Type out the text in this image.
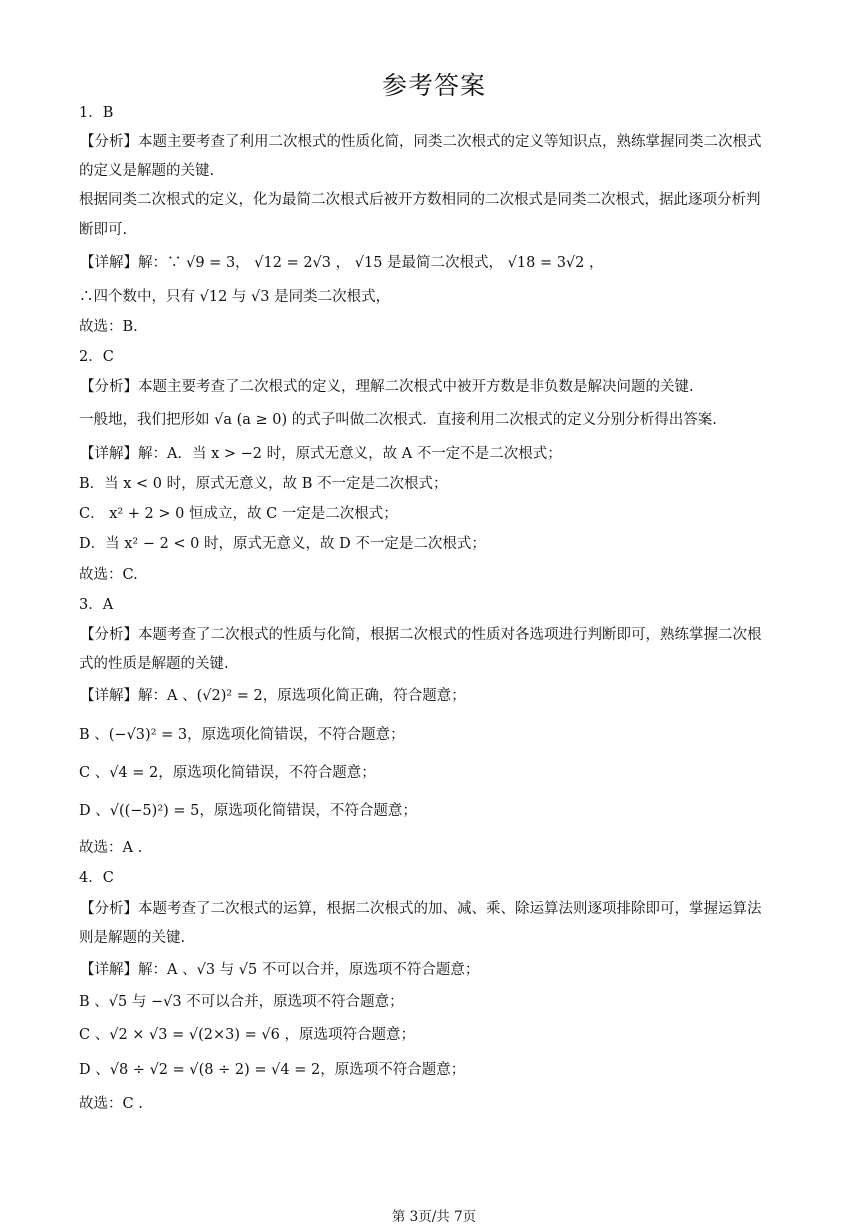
参考答案
1．B
【分析】本题主要考查了利用二次根式的性质化简，同类二次根式的定义等知识点，熟练掌握同类二次根式
的定义是解题的关键.
根据同类二次根式的定义，化为最简二次根式后被开方数相同的二次根式是同类二次根式，据此逐项分析判
断即可.
【详解】解：∵ √9 = 3， √12 = 2√3 ， √15 是最简二次根式， √18 = 3√2 ，
∴四个数中，只有 √12 与 √3 是同类二次根式，
故选：B.
2．C
【分析】本题主要考查了二次根式的定义，理解二次根式中被开方数是非负数是解决问题的关键.
一般地，我们把形如 √a (a ≥ 0) 的式子叫做二次根式．直接利用二次根式的定义分别分析得出答案.
【详解】解：A．当 x > −2 时，原式无意义，故 A 不一定不是二次根式；
B．当 x < 0 时，原式无意义，故 B 不一定是二次根式；
C． x² + 2 > 0 恒成立，故 C 一定是二次根式；
D．当 x² − 2 < 0 时，原式无意义，故 D 不一定是二次根式；
故选：C.
3．A
【分析】本题考查了二次根式的性质与化简，根据二次根式的性质对各选项进行判断即可，熟练掌握二次根
式的性质是解题的关键.
【详解】解：A 、(√2)² = 2，原选项化简正确，符合题意；
B 、(−√3)² = 3，原选项化简错误，不符合题意；
C 、√4 = 2，原选项化简错误，不符合题意；
D 、√((−5)²) = 5，原选项化简错误，不符合题意；
故选：A .
4．C
【分析】本题考查了二次根式的运算，根据二次根式的加、减、乘、除运算法则逐项排除即可，掌握运算法
则是解题的关键.
【详解】解：A 、√3 与 √5 不可以合并，原选项不符合题意；
B 、√5 与 −√3 不可以合并，原选项不符合题意；
C 、√2 × √3 = √(2×3) = √6 ，原选项符合题意；
D 、√8 ÷ √2 = √(8 ÷ 2) = √4 = 2，原选项不符合题意；
故选：C .
第 3页/共 7页
